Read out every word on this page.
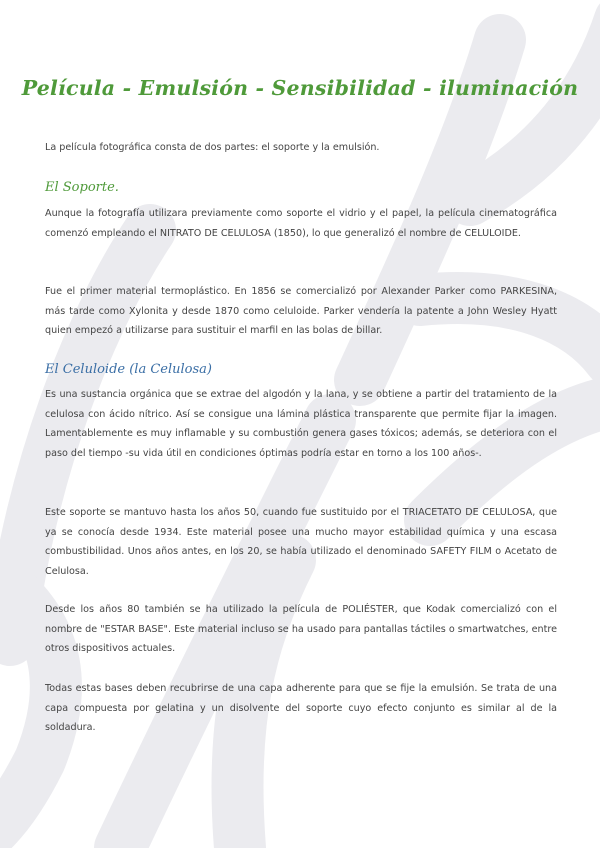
Película - Emulsión - Sensibilidad - iluminación

La película fotográfica consta de dos partes: el soporte y la emulsión.

El Soporte.

Aunque la fotografía utilizara previamente como soporte el vidrio y el papel, la película cinematográfica comenzó empleando el NITRATO DE CELULOSA (1850), lo que generalizó el nombre de CELULOIDE.

Fue el primer material termoplástico. En 1856 se comercializó por Alexander Parker como PARKESINA, más tarde como Xylonita y desde 1870 como celuloide. Parker vendería la patente a John Wesley Hyatt quien empezó a utilizarse para sustituir el marfil en las bolas de billar.

El Celuloide (la Celulosa)

Es una sustancia orgánica que se extrae del algodón y la lana, y se obtiene a partir del tratamiento de la celulosa con ácido nítrico. Así se consigue una lámina plástica transparente que permite fijar la imagen. Lamentablemente es muy inflamable y su combustión genera gases tóxicos; además, se deteriora con el paso del tiempo -su vida útil en condiciones óptimas podría estar en torno a los 100 años-.

Este soporte se mantuvo hasta los años 50, cuando fue sustituido por el TRIACETATO DE CELULOSA, que ya se conocía desde 1934. Este material posee una mucho mayor estabilidad química y una escasa combustibilidad. Unos años antes, en los 20, se había utilizado el denominado SAFETY FILM o Acetato de Celulosa.

Desde los años 80 también se ha utilizado la película de POLIÉSTER, que Kodak comercializó con el nombre de "ESTAR BASE". Este material incluso se ha usado para pantallas táctiles o smartwatches, entre otros dispositivos actuales.

Todas estas bases deben recubrirse de una capa adherente para que se fije la emulsión. Se trata de una capa compuesta por gelatina y un disolvente del soporte cuyo efecto conjunto es similar al de la soldadura.
